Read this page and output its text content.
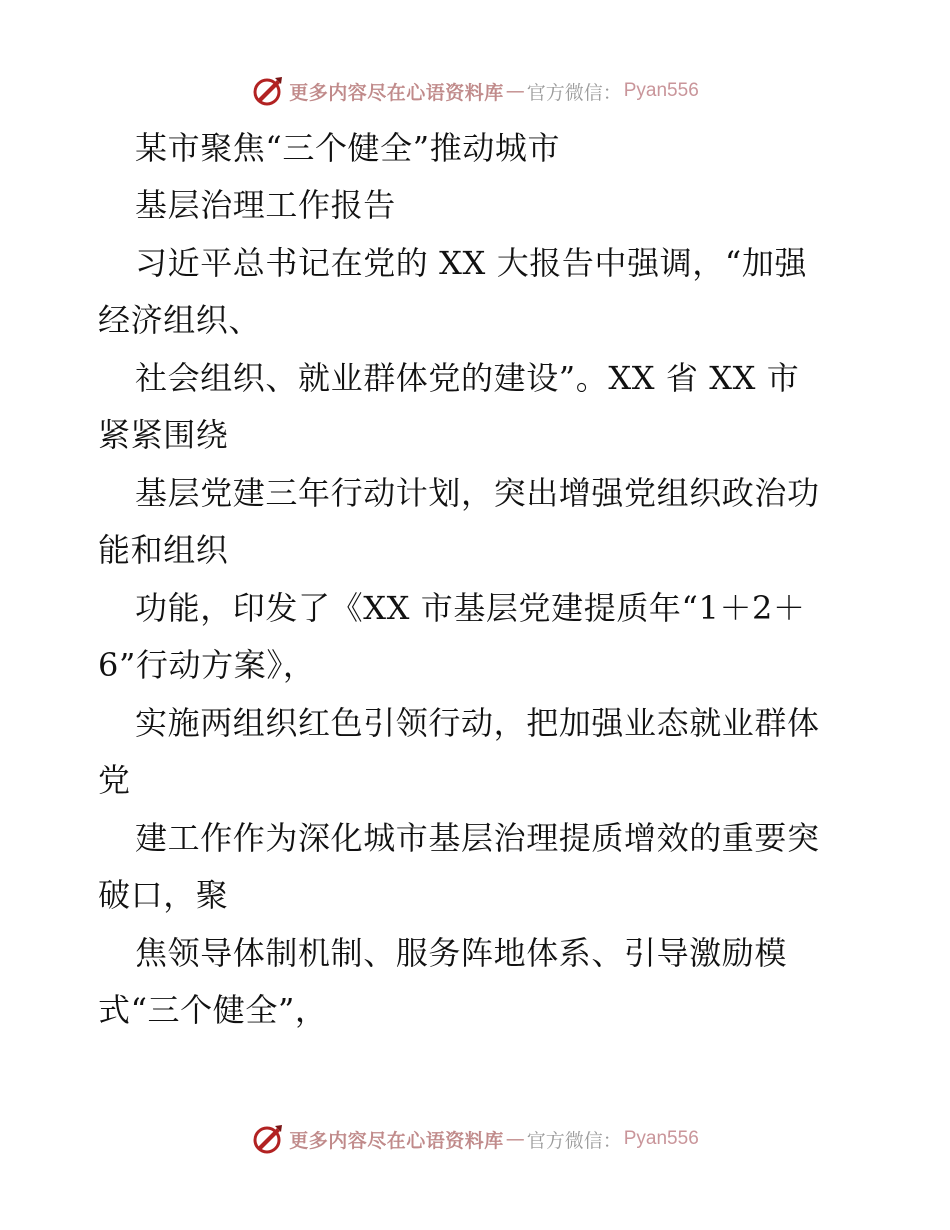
更多内容尽在心语资料库 — 官方微信： Pyan556
某市聚焦“三个健全”推动城市
基层治理工作报告
习近平总书记在党的 XX 大报告中强调，“加强
经济组织、
社会组织、就业群体党的建设”。XX 省 XX 市
紧紧围绕
基层党建三年行动计划，突出增强党组织政治功
能和组织
功能，印发了《XX 市基层党建提质年“1＋2＋
6”行动方案》，
实施两组织红色引领行动，把加强业态就业群体
党
建工作作为深化城市基层治理提质增效的重要突
破口，聚
焦领导体制机制、服务阵地体系、引导激励模
式“三个健全”，
更多内容尽在心语资料库 — 官方微信： Pyan556
